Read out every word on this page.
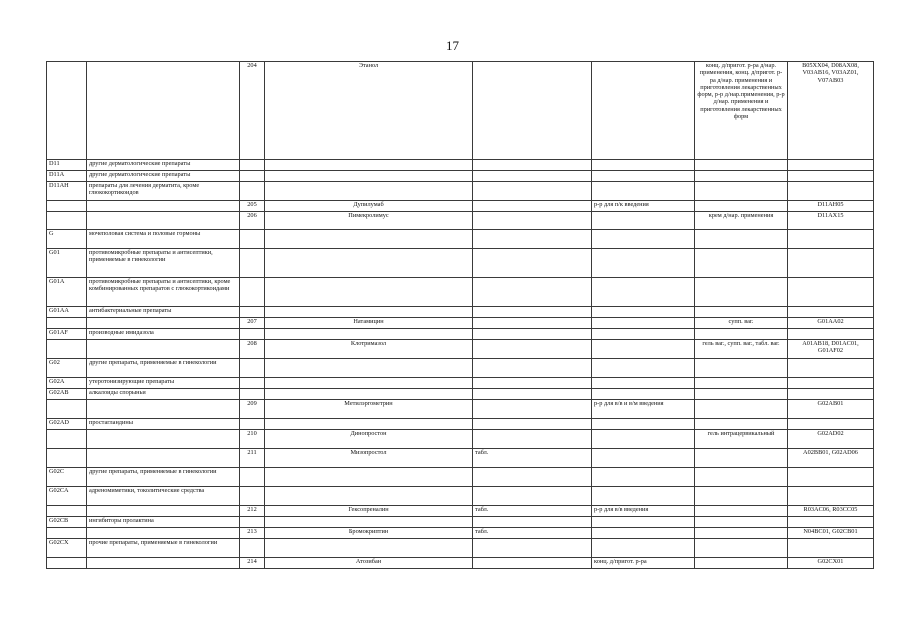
17
		204	Этанол			конц. д/пригот. р-ра д/нар. применения, конц. д/пригот. р-ра д/нар. применения и приготовления лекарственных форм, р-р д/нар.применения, р-р д/нар. применения и приготовления лекарственных форм	B05XX04, D08AX08, V03AB16, V03AZ01, V07AB03
D11	другие дерматологические препараты						
D11A	другие дерматологические препараты						
D11AH	препараты для лечения дерматита, кроме глюкокортикоидов						
		205	Дупилумаб		р-р для п/к введения		D11AH05
		206	Пимекролимус			крем д/нар. применения	D11AX15
G	мочеполовая система и половые гормоны						
G01	противомикробные препараты и антисептики, применяемые в гинекологии						
G01A	противомикробные препараты и антисептики, кроме комбинированных препаратов с глюкокортикоидами						
G01AA	антибактериальные препараты						
		207	Натамицин			супп. ваг.	G01AA02
G01AF	производные имидазола						
		208	Клотримазол			гель ваг., супп. ваг., табл. ваг.	A01AB18, D01AC01, G01AF02
G02	другие препараты, применяемые в гинекологии						
G02A	утеротонизирующие препараты						
G02AB	алкалоиды спорыньи						
		209	Метилэргометрин		р-р для в/в и в/м введения		G02AB01
G02AD	простагландины						
		210	Динопростон			гель интрацервикальный	G02AD02
		211	Мизопростол	табл.			A02BB01, G02AD06
G02C	другие препараты, применяемые в гинекологии						
G02CA	адреномиметики, токолитические средства						
		212	Гексопреналин	табл.	р-р для в/в введения		R03AC06, R03CC05
G02CB	ингибиторы пролактина						
		213	Бромокриптин	табл.			N04BC01, G02CB01
G02CX	прочие препараты, применяемые в гинекологии						
		214	Атозибан		конц. д/пригот. р-ра		G02CX01
